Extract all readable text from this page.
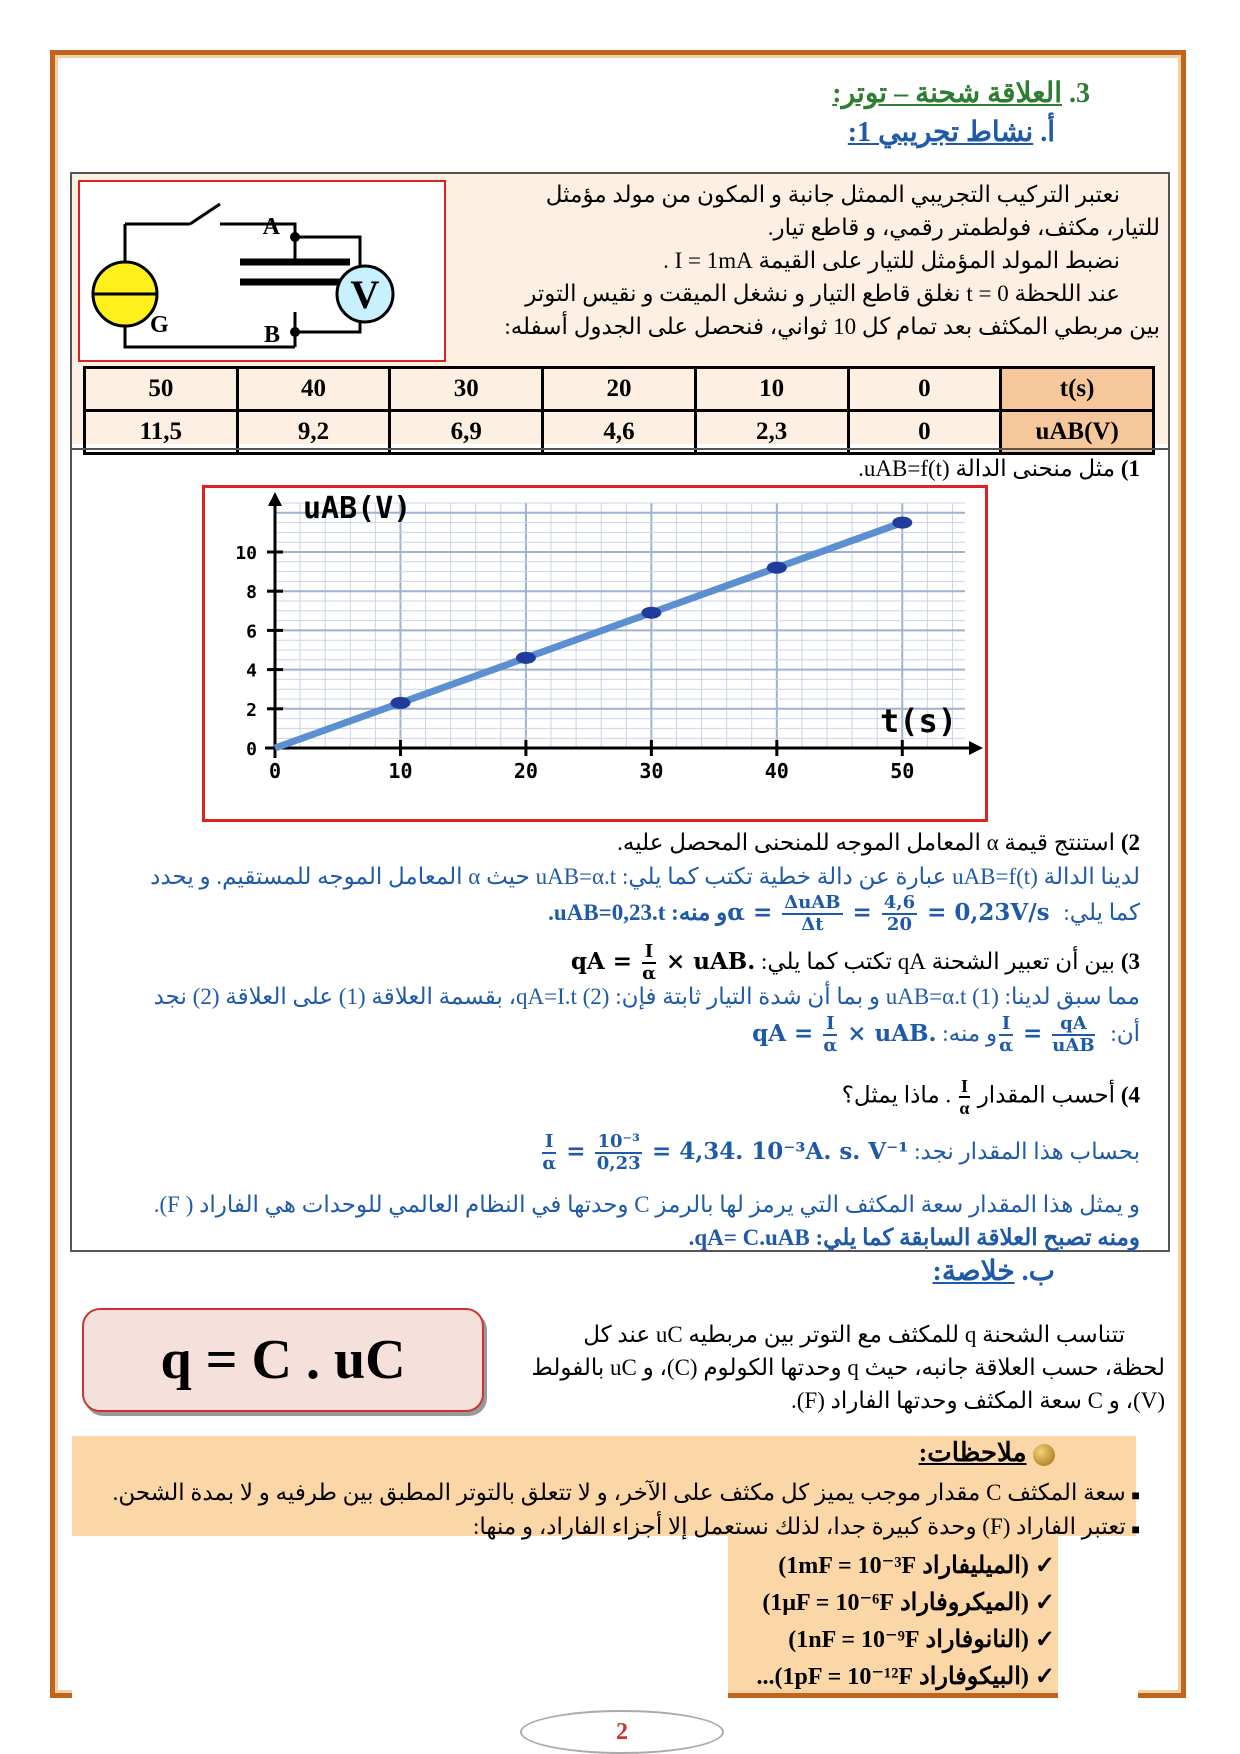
3. العلاقة شحنة – توتر:
أ. نشاط تجريبي 1:
نعتبر التركيب التجريبي الممثل جانبة و المكون من مولد مؤمثل
للتيار، مكثف، فولطمتر رقمي، و قاطع تيار.
نضبط المولد المؤمثل للتيار على القيمة I = 1mA .
عند اللحظة t = 0 نغلق قاطع التيار و نشغل الميقت و نقيس التوتر
بين مربطي المكثف بعد تمام كل 10 ثواني، فنحصل على الجدول أسفله:
V
A
B
G
50	40	30	20	10	0	t(s)
11,5	9,2	6,9	4,6	2,3	0	uAB(V)
1) مثل منحنى الدالة uAB=f(t).
0	10	20	30	40	50
0
2
4
6
8
10
uAB(V)
t(s)
2) استنتج قيمة α المعامل الموجه للمنحنى المحصل عليه.
لدينا الدالة uAB=f(t) عبارة عن دالة خطية تكتب كما يلي: uAB=α.t حيث α المعامل الموجه للمستقيم. و يحدد
كما يلي: $\alpha = \frac{\text{ΔuAB}}{\Delta t} = \frac{4,6}{20} = 0,23V/s$ و منه: uAB=0,23.t.
3) بين أن تعبير الشحنة qA تكتب كما يلي: qA = $\frac{I}{\alpha}$ × uAB.
مما سبق لدينا: uAB=α.t (1) و بما أن شدة التيار ثابتة فإن: qA=I.t (2)، بقسمة العلاقة (1) على العلاقة (2) نجد
أن:
$\frac{I}{\alpha} = \frac{qA}{\text{uAB}}$
و منه: qA = $\frac{I}{\alpha}$ × uAB.
4) أحسب المقدار
$\frac{I}{\alpha}$
. ماذا يمثل؟
بحساب هذا المقدار نجد:
$\frac{I}{\alpha} = \frac{\text{10⁻³}}{0,23} = 4,34$. 10⁻³A. s. V⁻¹
و يمثل هذا المقدار سعة المكثف التي يرمز لها بالرمز C وحدتها في النظام العالمي للوحدات هي الفاراد ( F).
ومنه تصبح العلاقة السابقة كما يلي: qA= C.uAB.
ب. خلاصة:
تتناسب الشحنة q للمكثف مع التوتر بين مربطيه uC عند كل
لحظة، حسب العلاقة جانبه، حيث q وحدتها الكولوم (C)، و uC بالفولط
(V)، و C سعة المكثف وحدتها الفاراد (F).
q = C . uC
ملاحظات:
■ سعة المكثف C مقدار موجب يميز كل مكثف على الآخر، و لا تتعلق بالتوتر المطبق بين طرفيه و لا بمدة الشحن.
■ تعتبر الفاراد (F) وحدة كبيرة جدا، لذلك نستعمل إلا أجزاء الفاراد، و منها:
✓ (الميليفاراد 1mF = 10⁻³F)
✓ (الميكروفاراد 1μF = 10⁻⁶F)
✓ (النانوفاراد 1nF = 10⁻⁹F)
✓ (البيكوفاراد 1pF = 10⁻¹²F)...
2
